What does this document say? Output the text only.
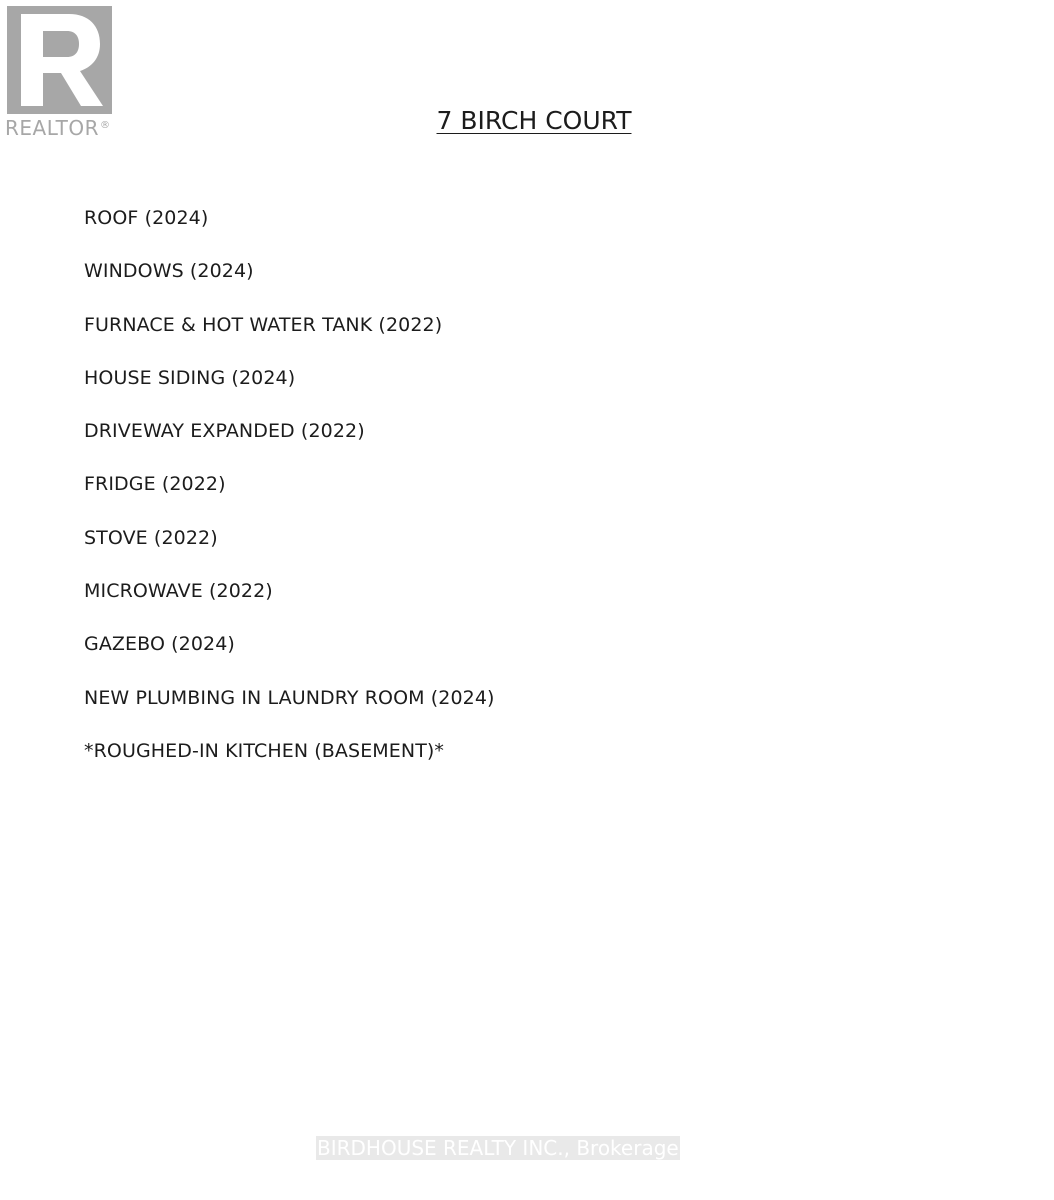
REALTOR®	7 BIRCH COURT
ROOF (2024)
WINDOWS (2024)
FURNACE & HOT WATER TANK (2022)
HOUSE SIDING (2024)
DRIVEWAY EXPANDED (2022)
FRIDGE (2022)
STOVE (2022)
MICROWAVE (2022)
GAZEBO (2024)
NEW PLUMBING IN LAUNDRY ROOM (2024)
*ROUGHED-IN KITCHEN (BASEMENT)*
BIRDHOUSE REALTY INC., Brokerage
